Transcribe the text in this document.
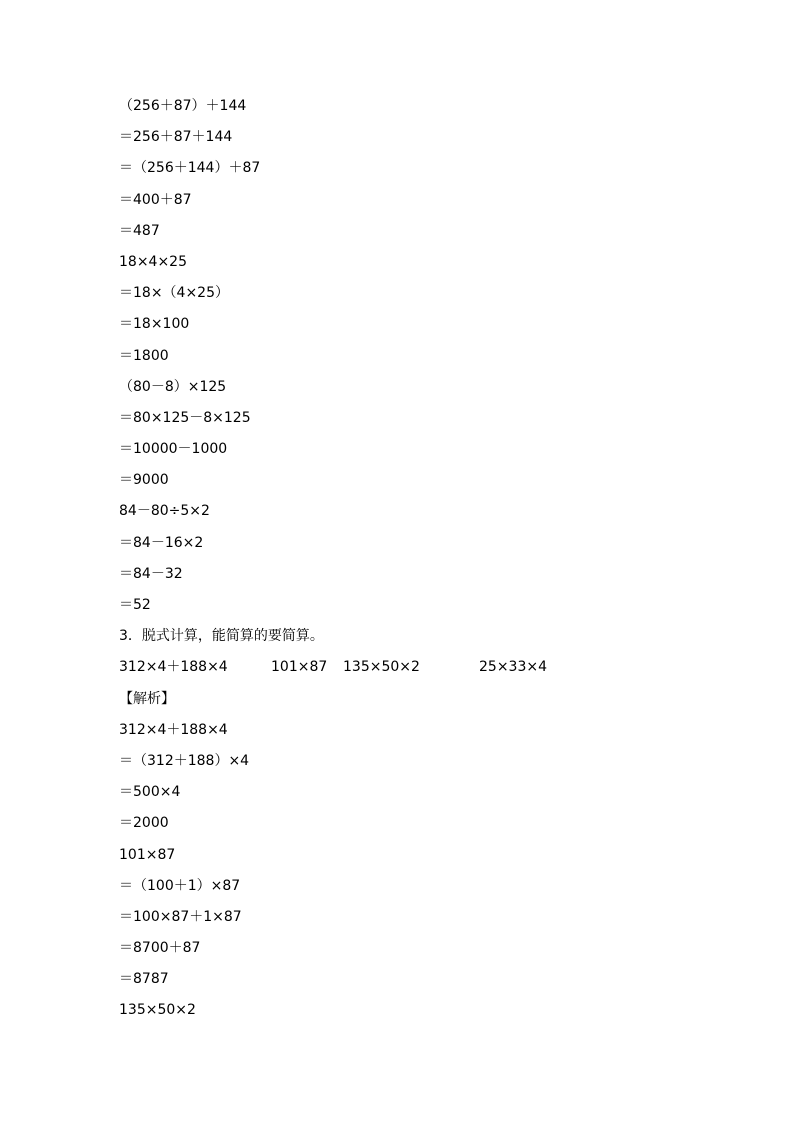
（256＋87）＋144
＝256＋87＋144
＝（256＋144）＋87
＝400＋87
＝487
18×4×25
＝18×（4×25）
＝18×100
＝1800
（80－8）×125
＝80×125－8×125
＝10000－1000
＝9000
84－80÷5×2
＝84－16×2
＝84－32
＝52
3．脱式计算，能简算的要简算。
312×4＋188×4	101×87	135×50×2	25×33×4
【解析】
312×4＋188×4
＝（312＋188）×4
＝500×4
＝2000
101×87
＝（100＋1）×87
＝100×87＋1×87
＝8700＋87
＝8787
135×50×2
